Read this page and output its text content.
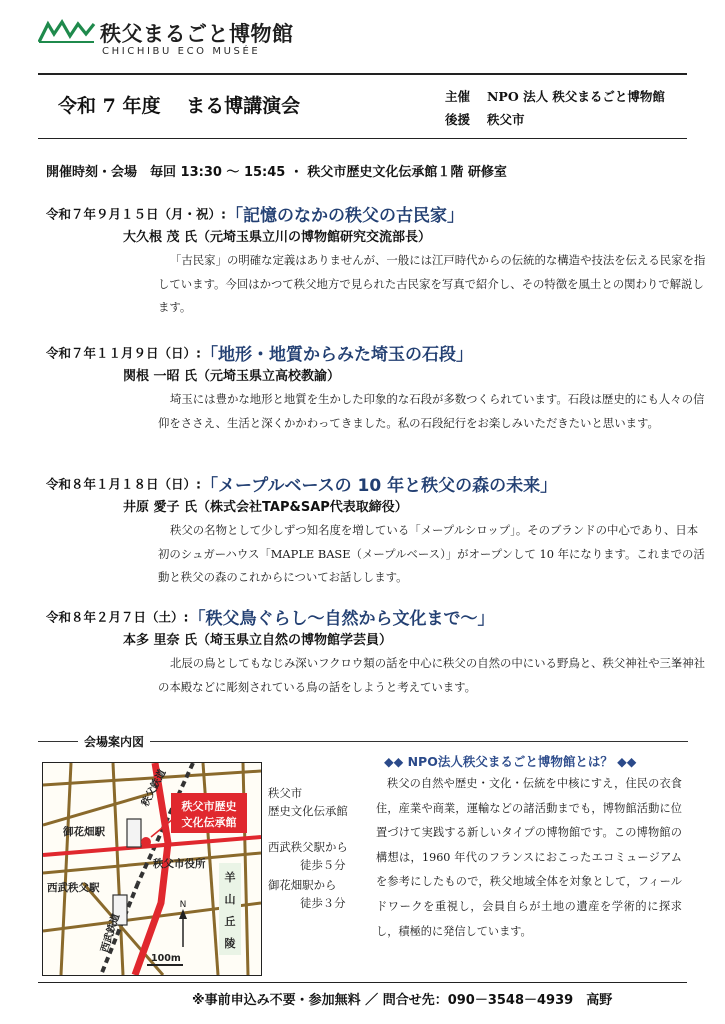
秩父まるごと博物館
CHICHIBU ECO MUSÉE
令和 7 年度　 まる博講演会	主催 NPO 法人 秩父まるごと博物館
後援 秩父市
開催時刻・会場　毎回 13:30 ～ 15:45 ・ 秩父市歴史文化伝承館１階 研修室
令和７年９月１５日（月・祝）:「記憶のなかの秩父の古民家」
大久根 茂 氏（元埼玉県立川の博物館研究交流部長）
「古民家」の明確な定義はありませんが、一般には江戸時代からの伝統的な構造や技法を伝える民家を指しています。今回はかつて秩父地方で見られた古民家を写真で紹介し、その特徴を風土との関わりで解説します。
令和７年１１月９日（日）:「地形・地質からみた埼玉の石段」
関根 一昭 氏（元埼玉県立高校教諭）
埼玉には豊かな地形と地質を生かした印象的な石段が多数つくられています。石段は歴史的にも人々の信仰をささえ、生活と深くかかわってきました。私の石段紀行をお楽しみいただきたいと思います。
令和８年１月１８日（日）:「メープルベースの 10 年と秩父の森の未来」
井原 愛子 氏（株式会社TAP&SAP代表取締役）
秩父の名物として少しずつ知名度を増している「メープルシロップ」。そのブランドの中心であり、日本初のシュガーハウス「MAPLE BASE（メープルベース）」がオープンして 10 年になります。これまでの活動と秩父の森のこれからについてお話しします。
令和８年２月７日（土）:「秩父鳥ぐらし～自然から文化まで～」
本多 里奈 氏（埼玉県立自然の博物館学芸員）
北辰の鳥としてもなじみ深いフクロウ類の話を中心に秩父の自然の中にいる野鳥と、秩父神社や三峯神社の本殿などに彫刻されている鳥の話をしようと考えています。
会場案内図
秩父市歴史
文化伝承館
秩父鉄道
御花畑駅
秩父市役所
西武秩父駅
西武鉄道
羊
山
丘
陵
N
100m
秩父市
歴史文化伝承館
西武秩父駅から
徒歩５分
御花畑駅から
徒歩３分
◆◆ NPO法人秩父まるごと博物館とは？ ◆◆
秩父の自然や歴史・文化・伝統を中核にすえ，住民の衣食住，産業や商業，運輸などの諸活動までも，博物館活動に位置づけて実践する新しいタイプの博物館です。この博物館の構想は，1960 年代のフランスにおこったエコミュージアムを参考にしたもので，秩父地域全体を対象として，フィールドワークを重視し，会員自らが土地の遺産を学術的に探求し，積極的に発信しています。
※事前申込み不要・参加無料 ／ 問合せ先：090－3548－4939　高野
